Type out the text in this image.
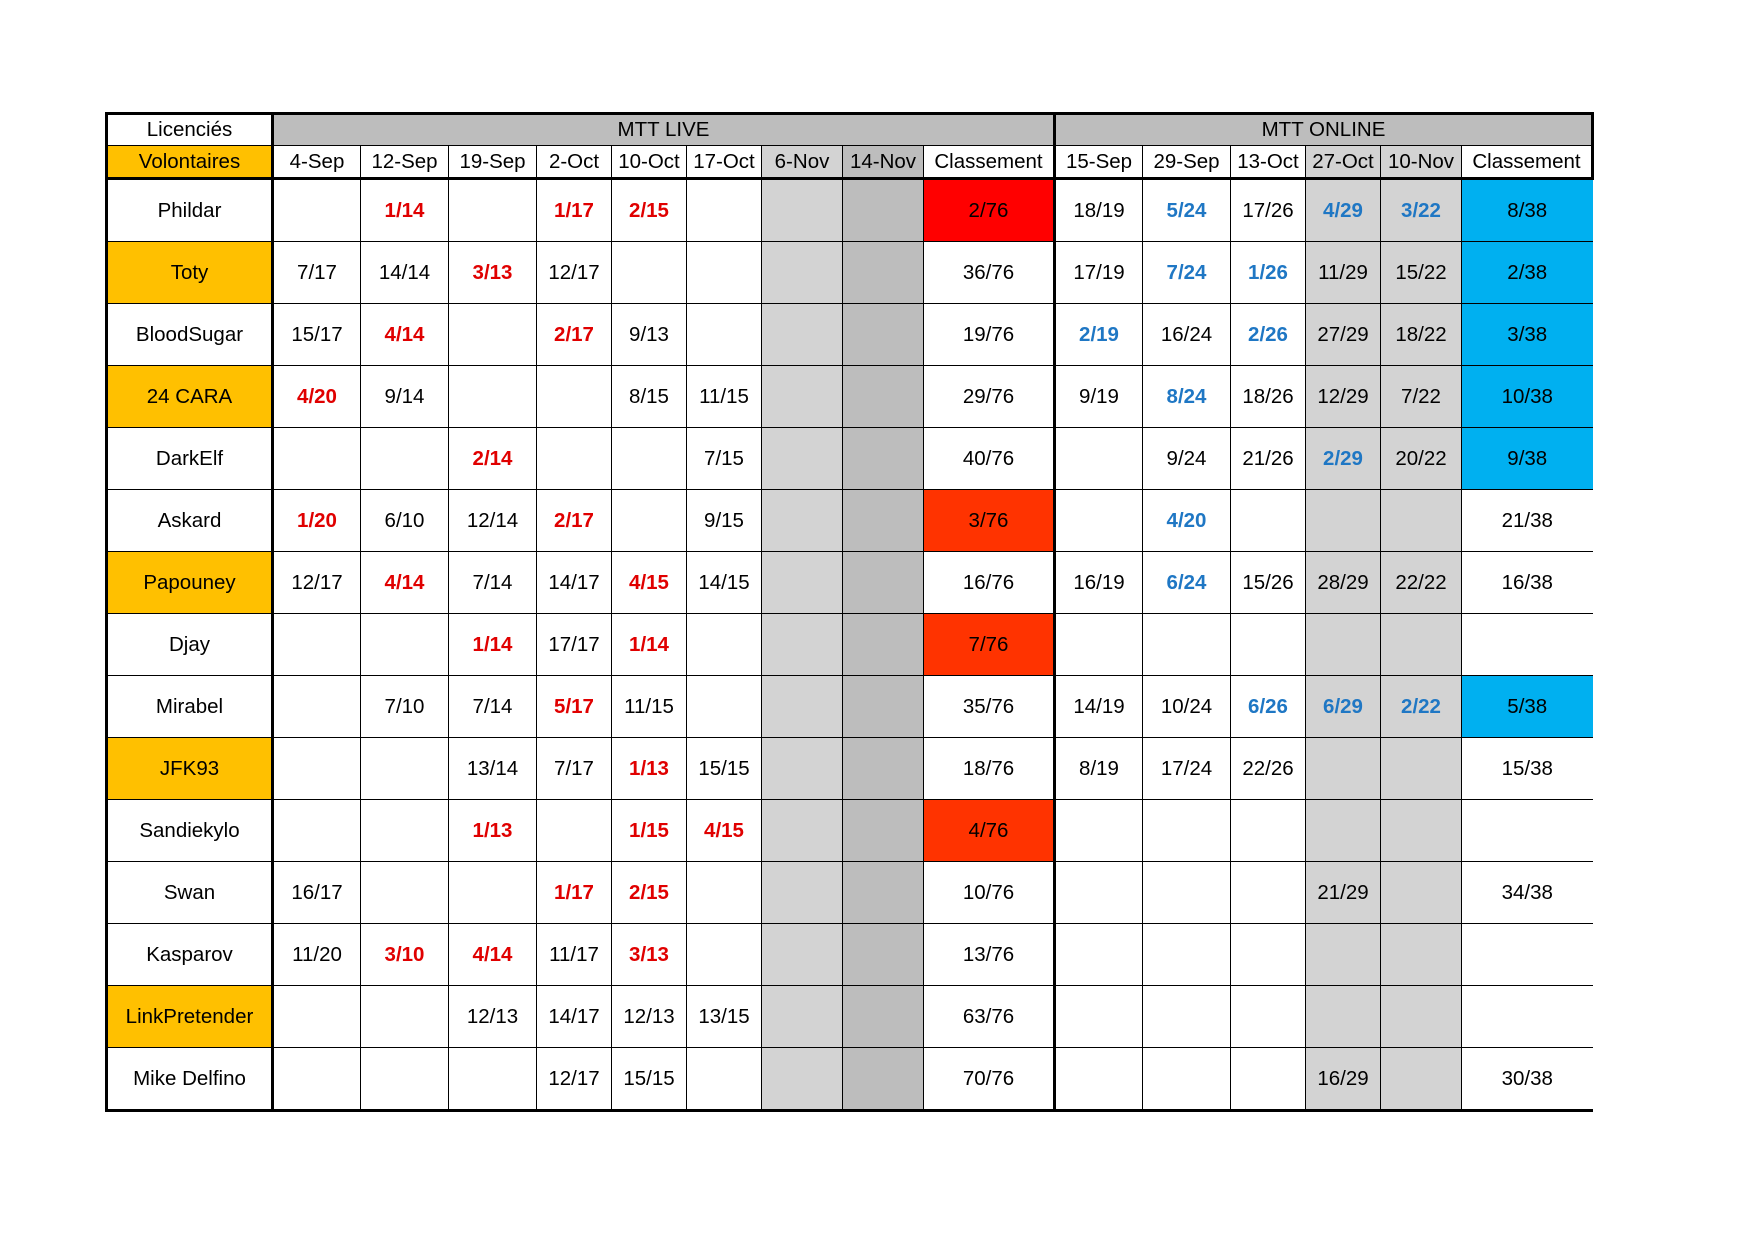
Licenciés	MTT LIVE									MTT ONLINE					
Volontaires	4-Sep	12-Sep	19-Sep	2-Oct	10-Oct	17-Oct	6-Nov	14-Nov	Classement	15-Sep	29-Sep	13-Oct	27-Oct	10-Nov	Classement
Phildar		1/14		1/17	2/15				2/76	18/19	5/24	17/26	4/29	3/22	8/38
Toty	7/17	14/14	3/13	12/17					36/76	17/19	7/24	1/26	11/29	15/22	2/38
BloodSugar	15/17	4/14		2/17	9/13				19/76	2/19	16/24	2/26	27/29	18/22	3/38
24 CARA	4/20	9/14			8/15	11/15			29/76	9/19	8/24	18/26	12/29	7/22	10/38
DarkElf			2/14			7/15			40/76		9/24	21/26	2/29	20/22	9/38
Askard	1/20	6/10	12/14	2/17		9/15			3/76		4/20				21/38
Papouney	12/17	4/14	7/14	14/17	4/15	14/15			16/76	16/19	6/24	15/26	28/29	22/22	16/38
Djay			1/14	17/17	1/14				7/76						
Mirabel		7/10	7/14	5/17	11/15				35/76	14/19	10/24	6/26	6/29	2/22	5/38
JFK93			13/14	7/17	1/13	15/15			18/76	8/19	17/24	22/26			15/38
Sandiekylo			1/13		1/15	4/15			4/76						
Swan	16/17			1/17	2/15				10/76				21/29		34/38
Kasparov	11/20	3/10	4/14	11/17	3/13				13/76						
LinkPretender			12/13	14/17	12/13	13/15			63/76						
Mike Delfino				12/17	15/15				70/76				16/29		30/38
